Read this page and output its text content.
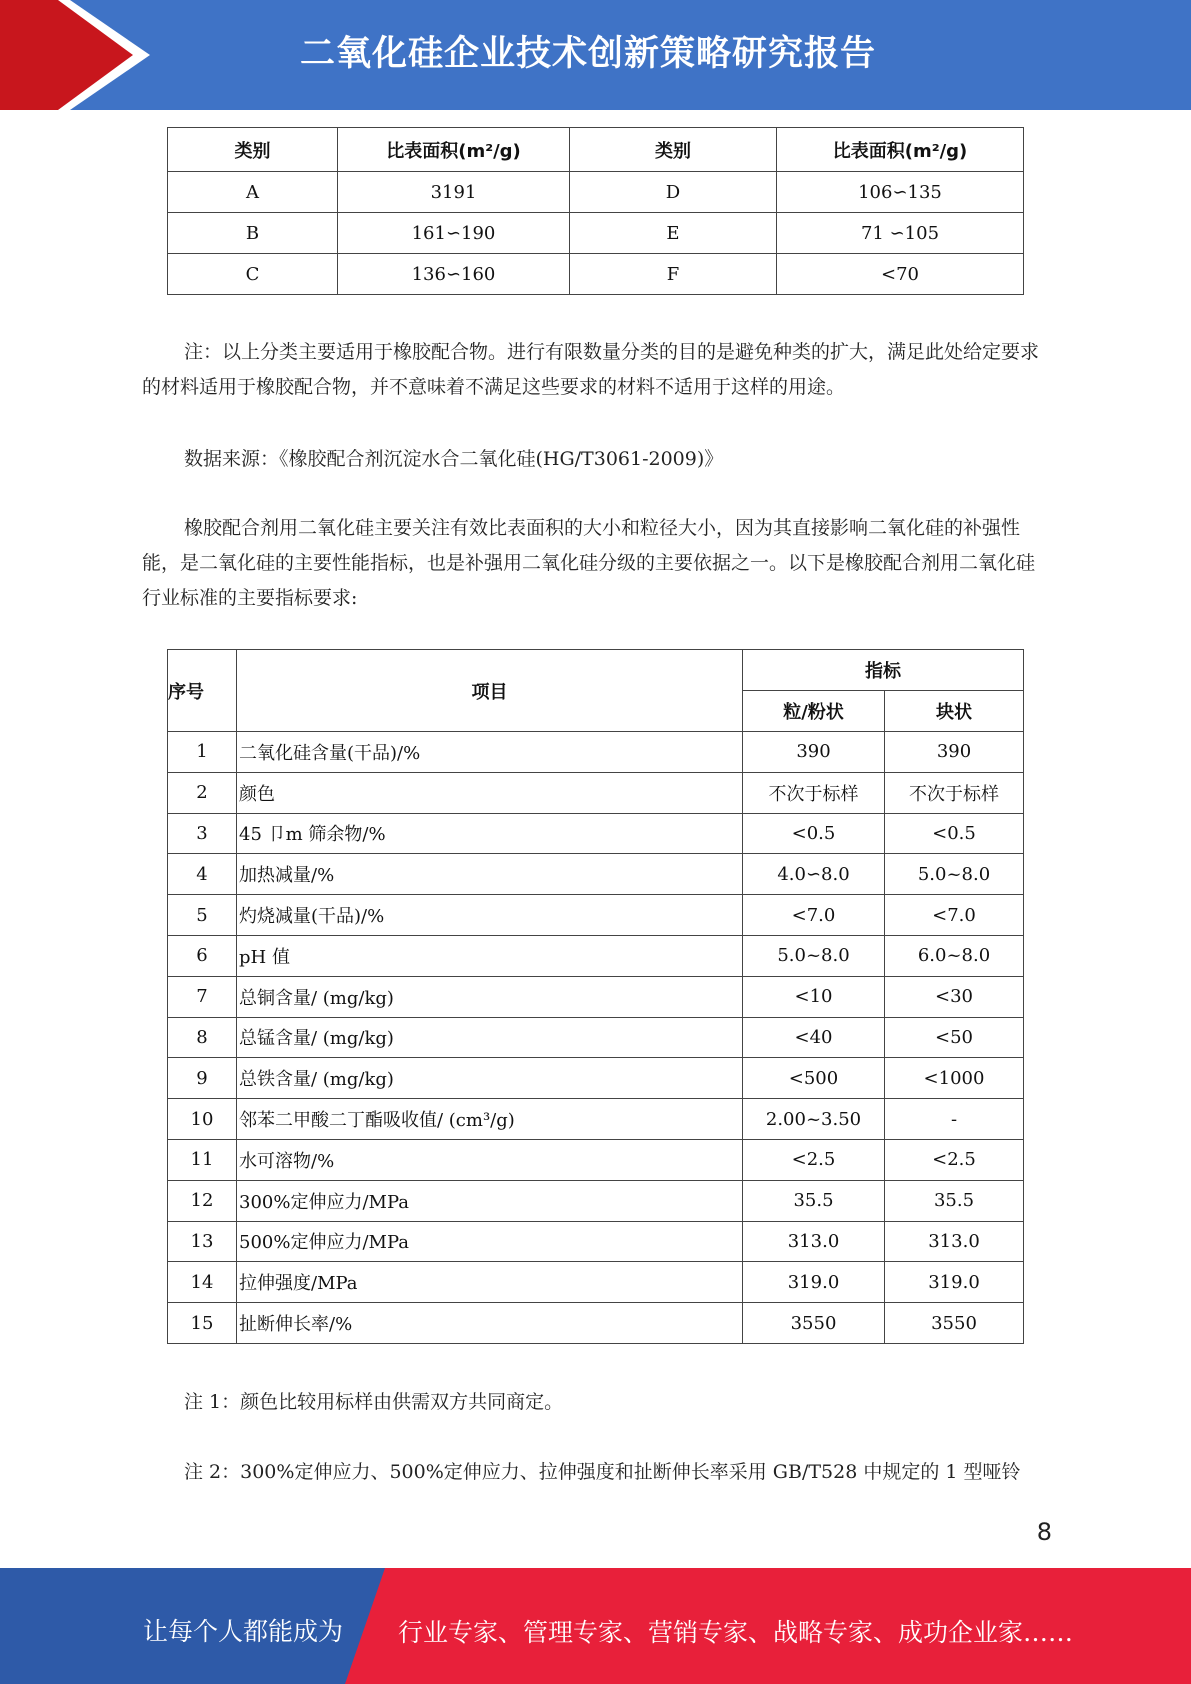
二氧化硅企业技术创新策略研究报告
类别	比表面积(m²/g)	类别	比表面积(m²/g)
A	3191	D	106∽135
B	161∽190	E	71 ∽105
C	136∽160	F	<70

注：以上分类主要适用于橡胶配合物。进行有限数量分类的目的是避免种类的扩大，满足此处给定要求的材料适用于橡胶配合物，并不意味着不满足这些要求的材料不适用于这样的用途。

数据来源：《橡胶配合剂沉淀水合二氧化硅(HG/T3061-2009)》

橡胶配合剂用二氧化硅主要关注有效比表面积的大小和粒径大小，因为其直接影响二氧化硅的补强性能，是二氧化硅的主要性能指标，也是补强用二氧化硅分级的主要依据之一。以下是橡胶配合剂用二氧化硅行业标准的主要指标要求:

序号	项目	指标	
		粒/粉状	块状
1	二氧化硅含量(干品)/%	390	390
2	颜色	不次于标样	不次于标样
3	45 卩m 筛余物/%	<0.5	<0.5
4	加热减量/%	4.0∽8.0	5.0~8.0
5	灼烧减量(干品)/%	<7.0	<7.0
6	pH 值	5.0~8.0	6.0~8.0
7	总铜含量/ (mg/kg)	<10	<30
8	总锰含量/ (mg/kg)	<40	<50
9	总铁含量/ (mg/kg)	<500	<1000
10	邻苯二甲酸二丁酯吸收值/ (cm³/g)	2.00~3.50	-
11	水可溶物/%	<2.5	<2.5
12	300%定伸应力/MPa	35.5	35.5
13	500%定伸应力/MPa	313.0	313.0
14	拉伸强度/MPa	319.0	319.0
15	扯断伸长率/%	3550	3550

注 1：颜色比较用标样由供需双方共同商定。

注 2：300%定伸应力、500%定伸应力、拉伸强度和扯断伸长率采用 GB/T528 中规定的 1 型哑铃

8
让每个人都能成为 行业专家、管理专家、营销专家、战略专家、成功企业家……
